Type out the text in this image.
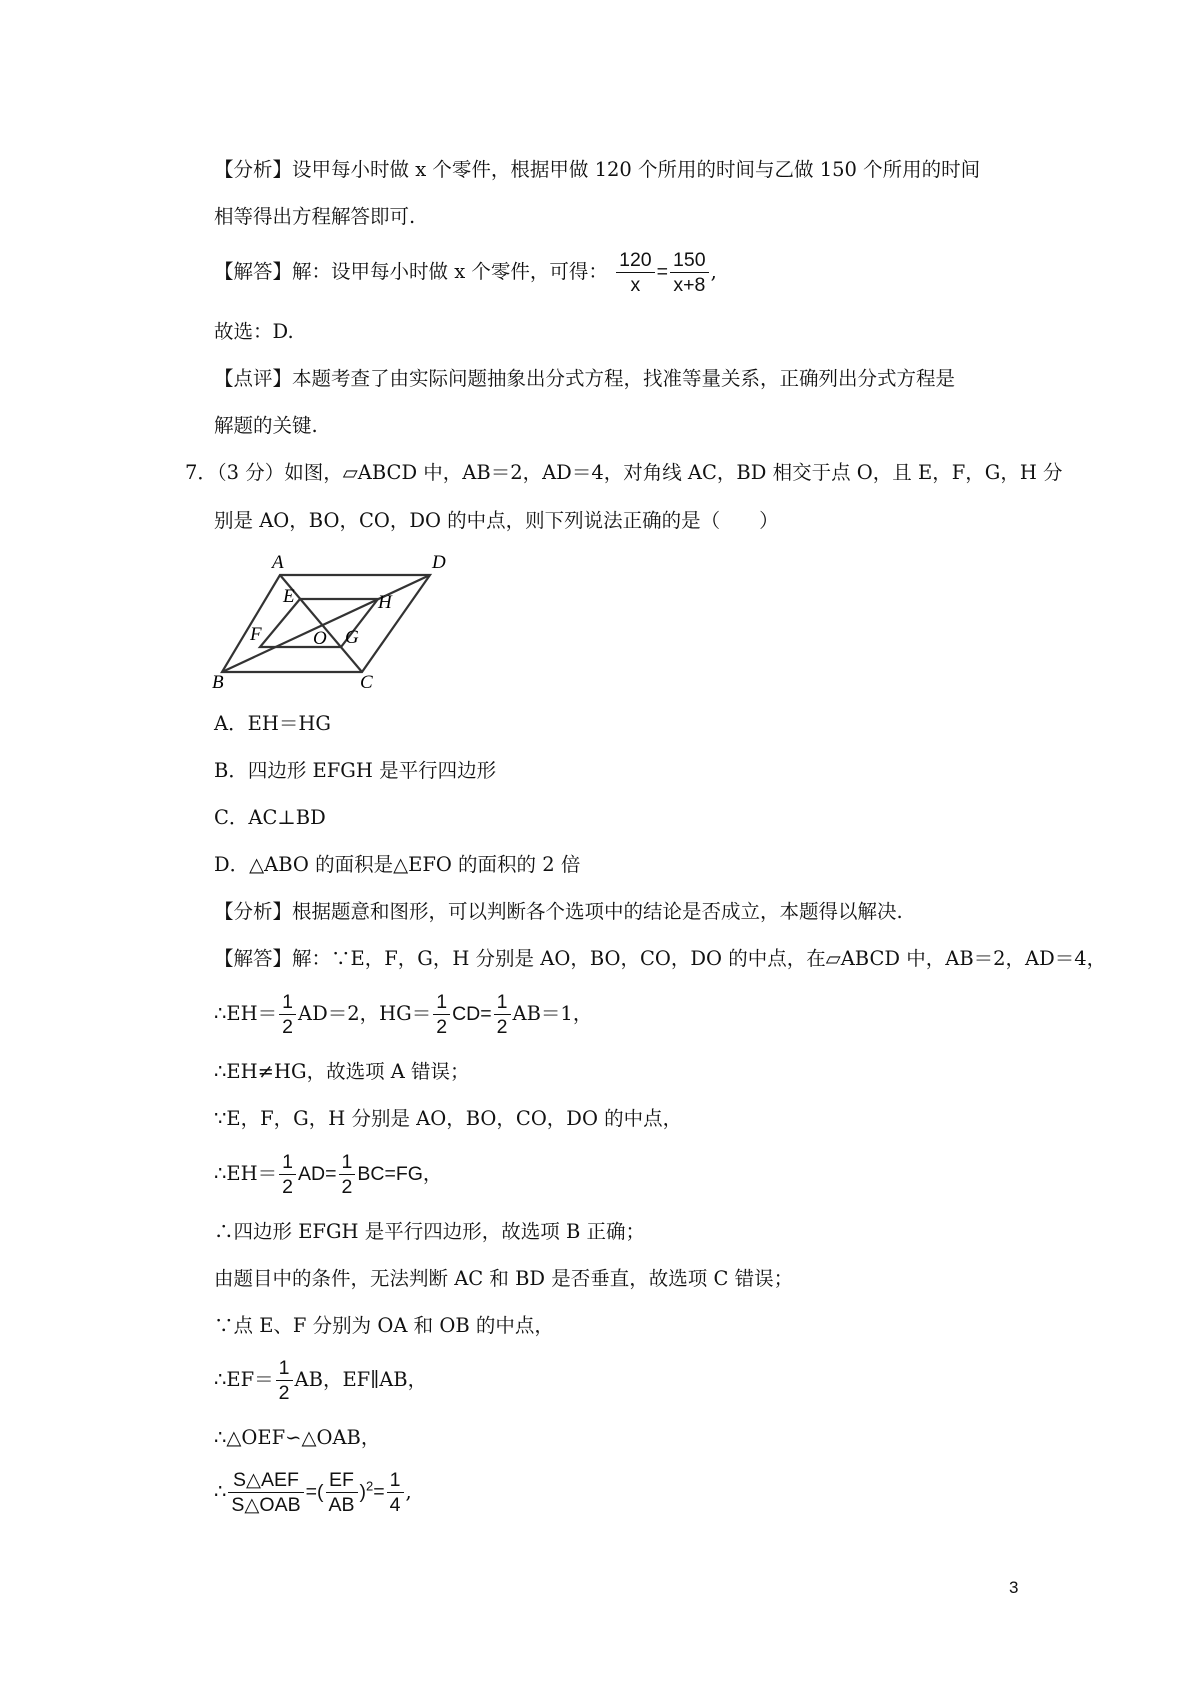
【分析】设甲每小时做 x 个零件，根据甲做 120 个所用的时间与乙做 150 个所用的时间
相等得出方程解答即可.
【解答】解：设甲每小时做 x 个零件，可得： $\frac{120}{x} = \frac{150}{x+8}$ ,
故选：D.
【点评】本题考查了由实际问题抽象出分式方程，找准等量关系，正确列出分式方程是
解题的关键.
7．（3 分）如图，▱ABCD 中，AB＝2，AD＝4，对角线 AC，BD 相交于点 O，且 E，F，G，H 分
别是 AO，BO，CO，DO 的中点，则下列说法正确的是（　　）
A	D
E	H
F	O G
B	C
A．EH＝HG
B．四边形 EFGH 是平行四边形
C．AC⊥BD
D．△ABO 的面积是△EFO 的面积的 2 倍
【分析】根据题意和图形，可以判断各个选项中的结论是否成立，本题得以解决.
【解答】解：∵E，F，G，H 分别是 AO，BO，CO，DO 的中点，在▱ABCD 中，AB＝2，AD＝4，
∴EH＝ $\frac{1}{2} AD=2$，$HG= \frac{1}{2} CD= \frac{1}{2} AB=1$，
∴EH≠HG，故选项 A 错误；
∵E，F，G，H 分别是 AO，BO，CO，DO 的中点，
∴EH＝ $\frac{1}{2} AD= \frac{1}{2} BC=FG$，
∴四边形 EFGH 是平行四边形，故选项 B 正确；
由题目中的条件，无法判断 AC 和 BD 是否垂直，故选项 C 错误；
∵点 E、F 分别为 OA 和 OB 的中点，
∴EF＝ $\frac{1}{2}$ AB，EF∥AB，
∴△OEF∽△OAB，
∴ $\frac{\text{S△AEF}}{\text{S△OAB}}$ =( $\frac{EF}{AB} )^2= \frac{1}{4}$ ,
3
